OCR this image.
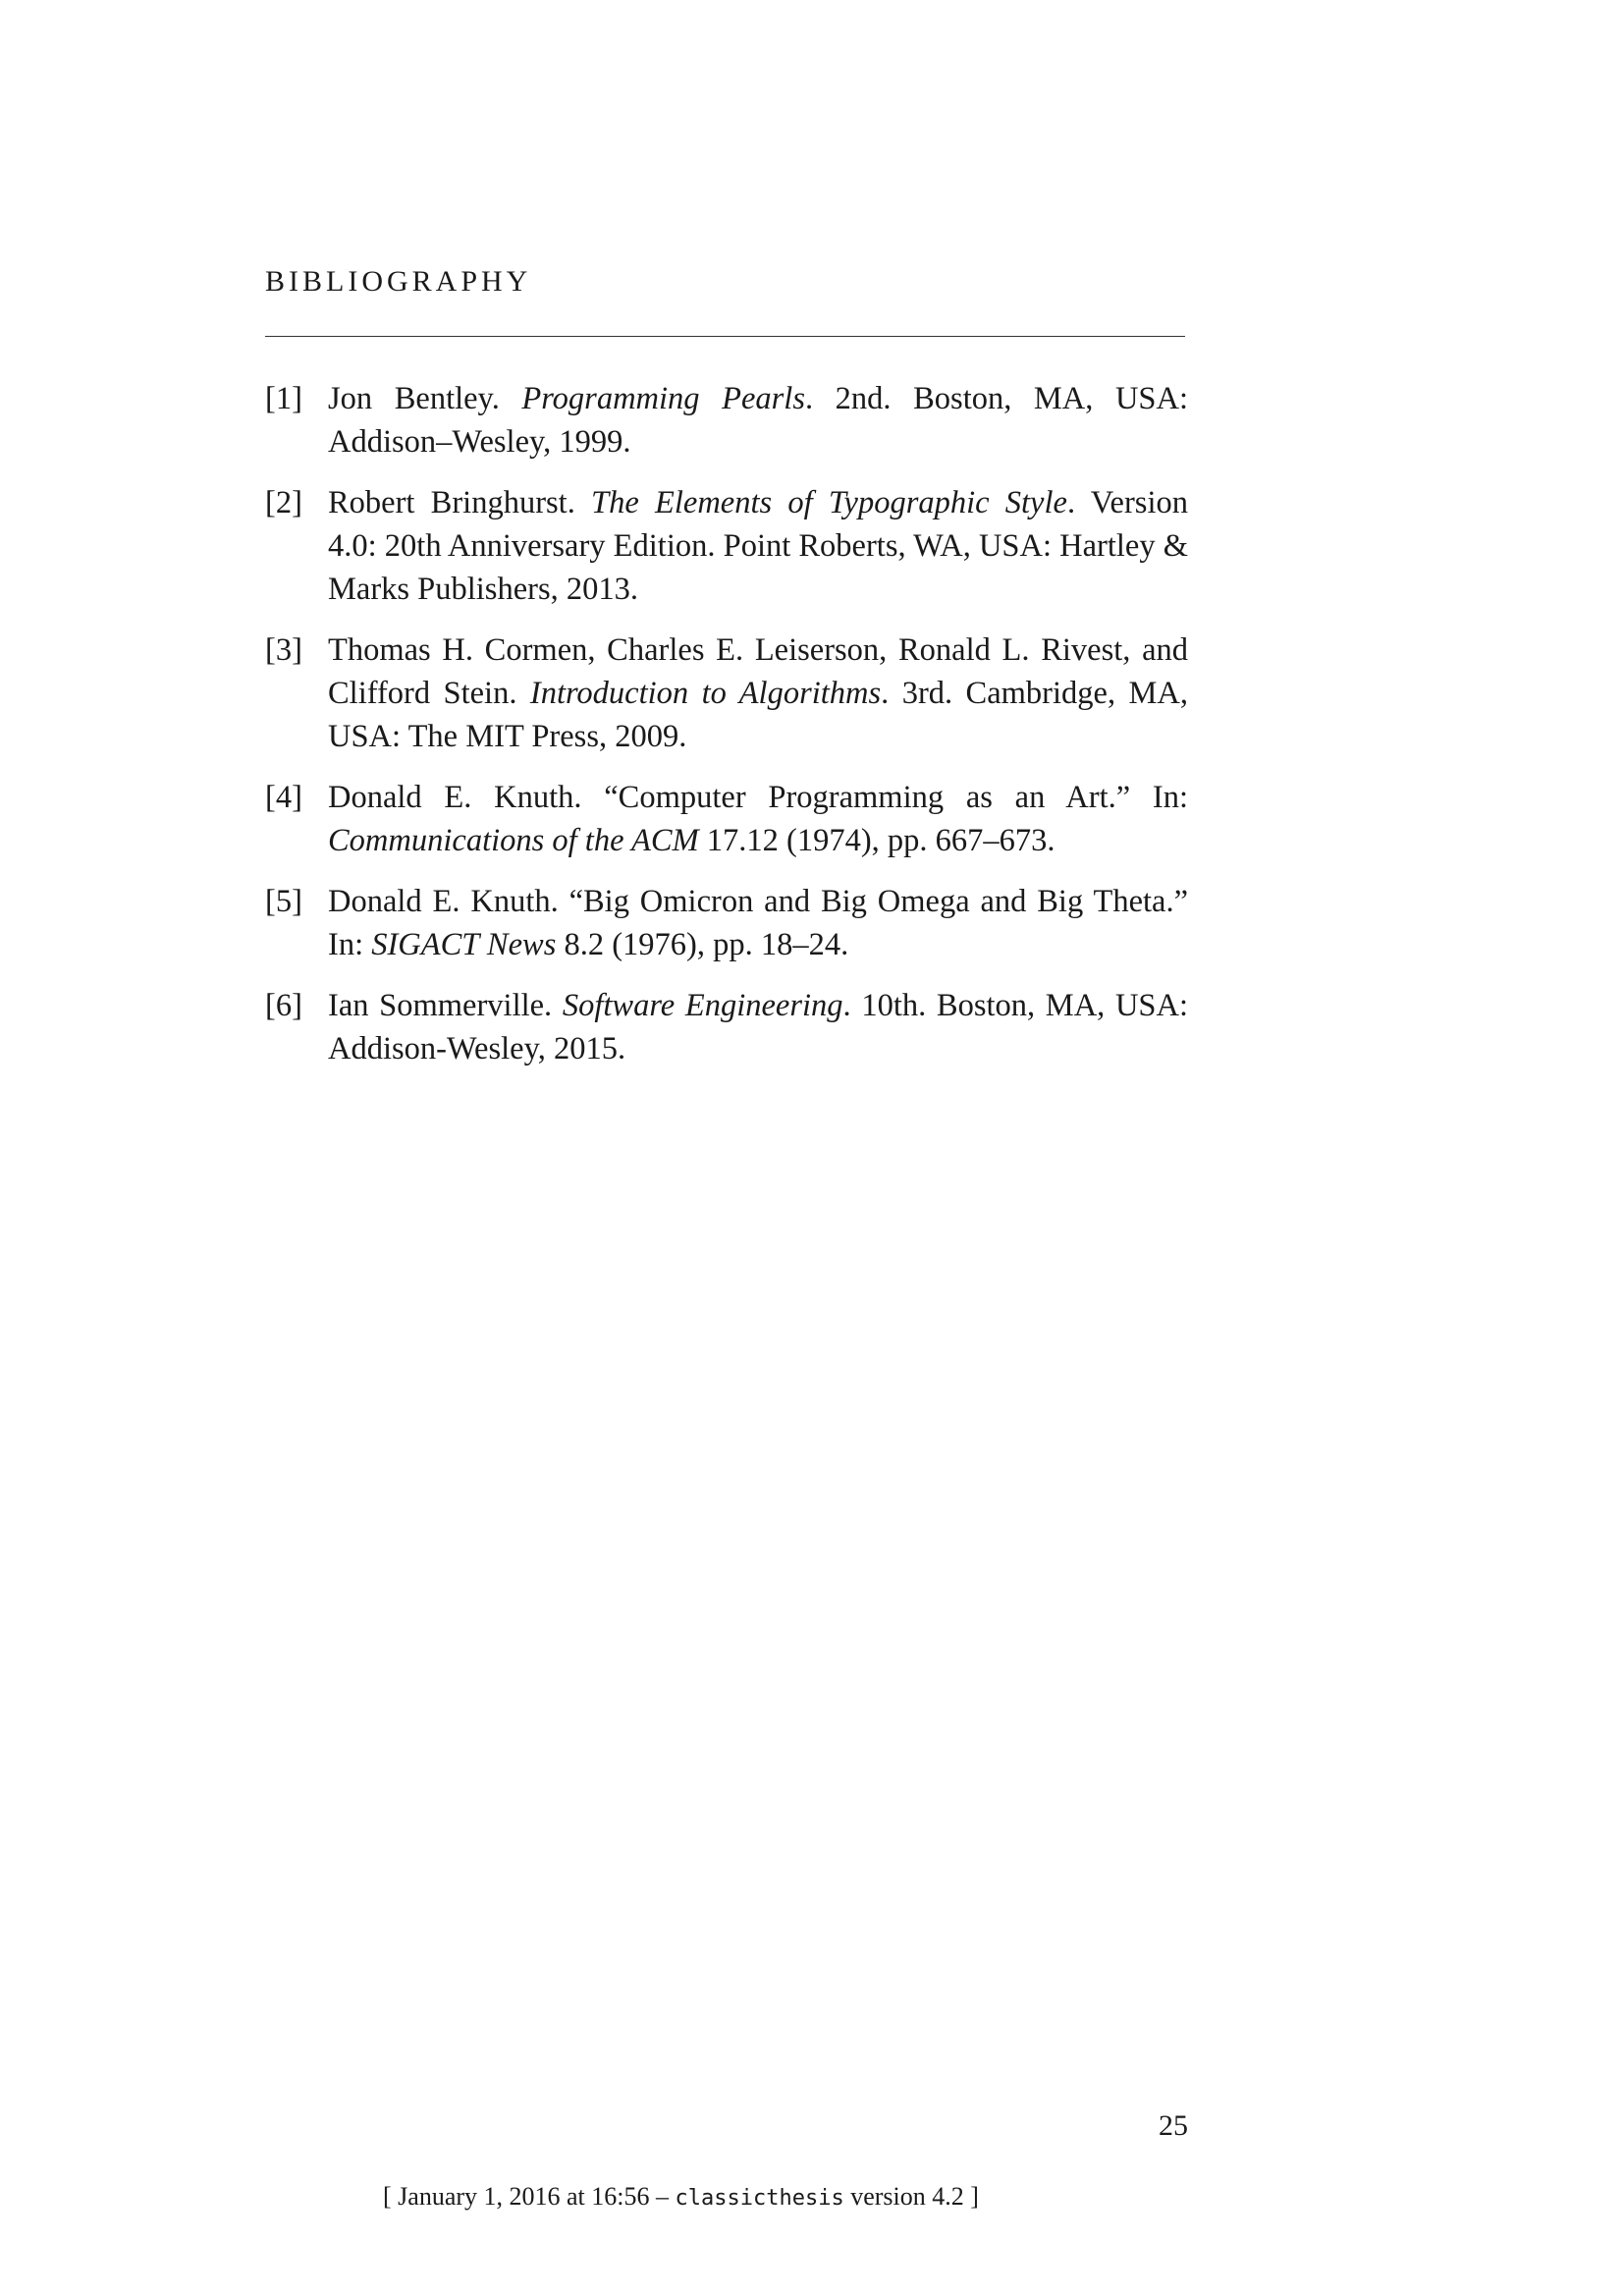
BIBLIOGRAPHY
[1] Jon Bentley. Programming Pearls. 2nd. Boston, MA, USA: Addison–Wesley, 1999.
[2] Robert Bringhurst. The Elements of Typographic Style. Version 4.0: 20th Anniversary Edition. Point Roberts, WA, USA: Hartley & Marks Publishers, 2013.
[3] Thomas H. Cormen, Charles E. Leiserson, Ronald L. Rivest, and Clifford Stein. Introduction to Algorithms. 3rd. Cambridge, MA, USA: The MIT Press, 2009.
[4] Donald E. Knuth. “Computer Programming as an Art.” In: Communications of the ACM 17.12 (1974), pp. 667–673.
[5] Donald E. Knuth. “Big Omicron and Big Omega and Big Theta.” In: SIGACT News 8.2 (1976), pp. 18–24.
[6] Ian Sommerville. Software Engineering. 10th. Boston, MA, USA: Addison-Wesley, 2015.
25
[ January 1, 2016 at 16:56 – classicthesis version 4.2 ]
